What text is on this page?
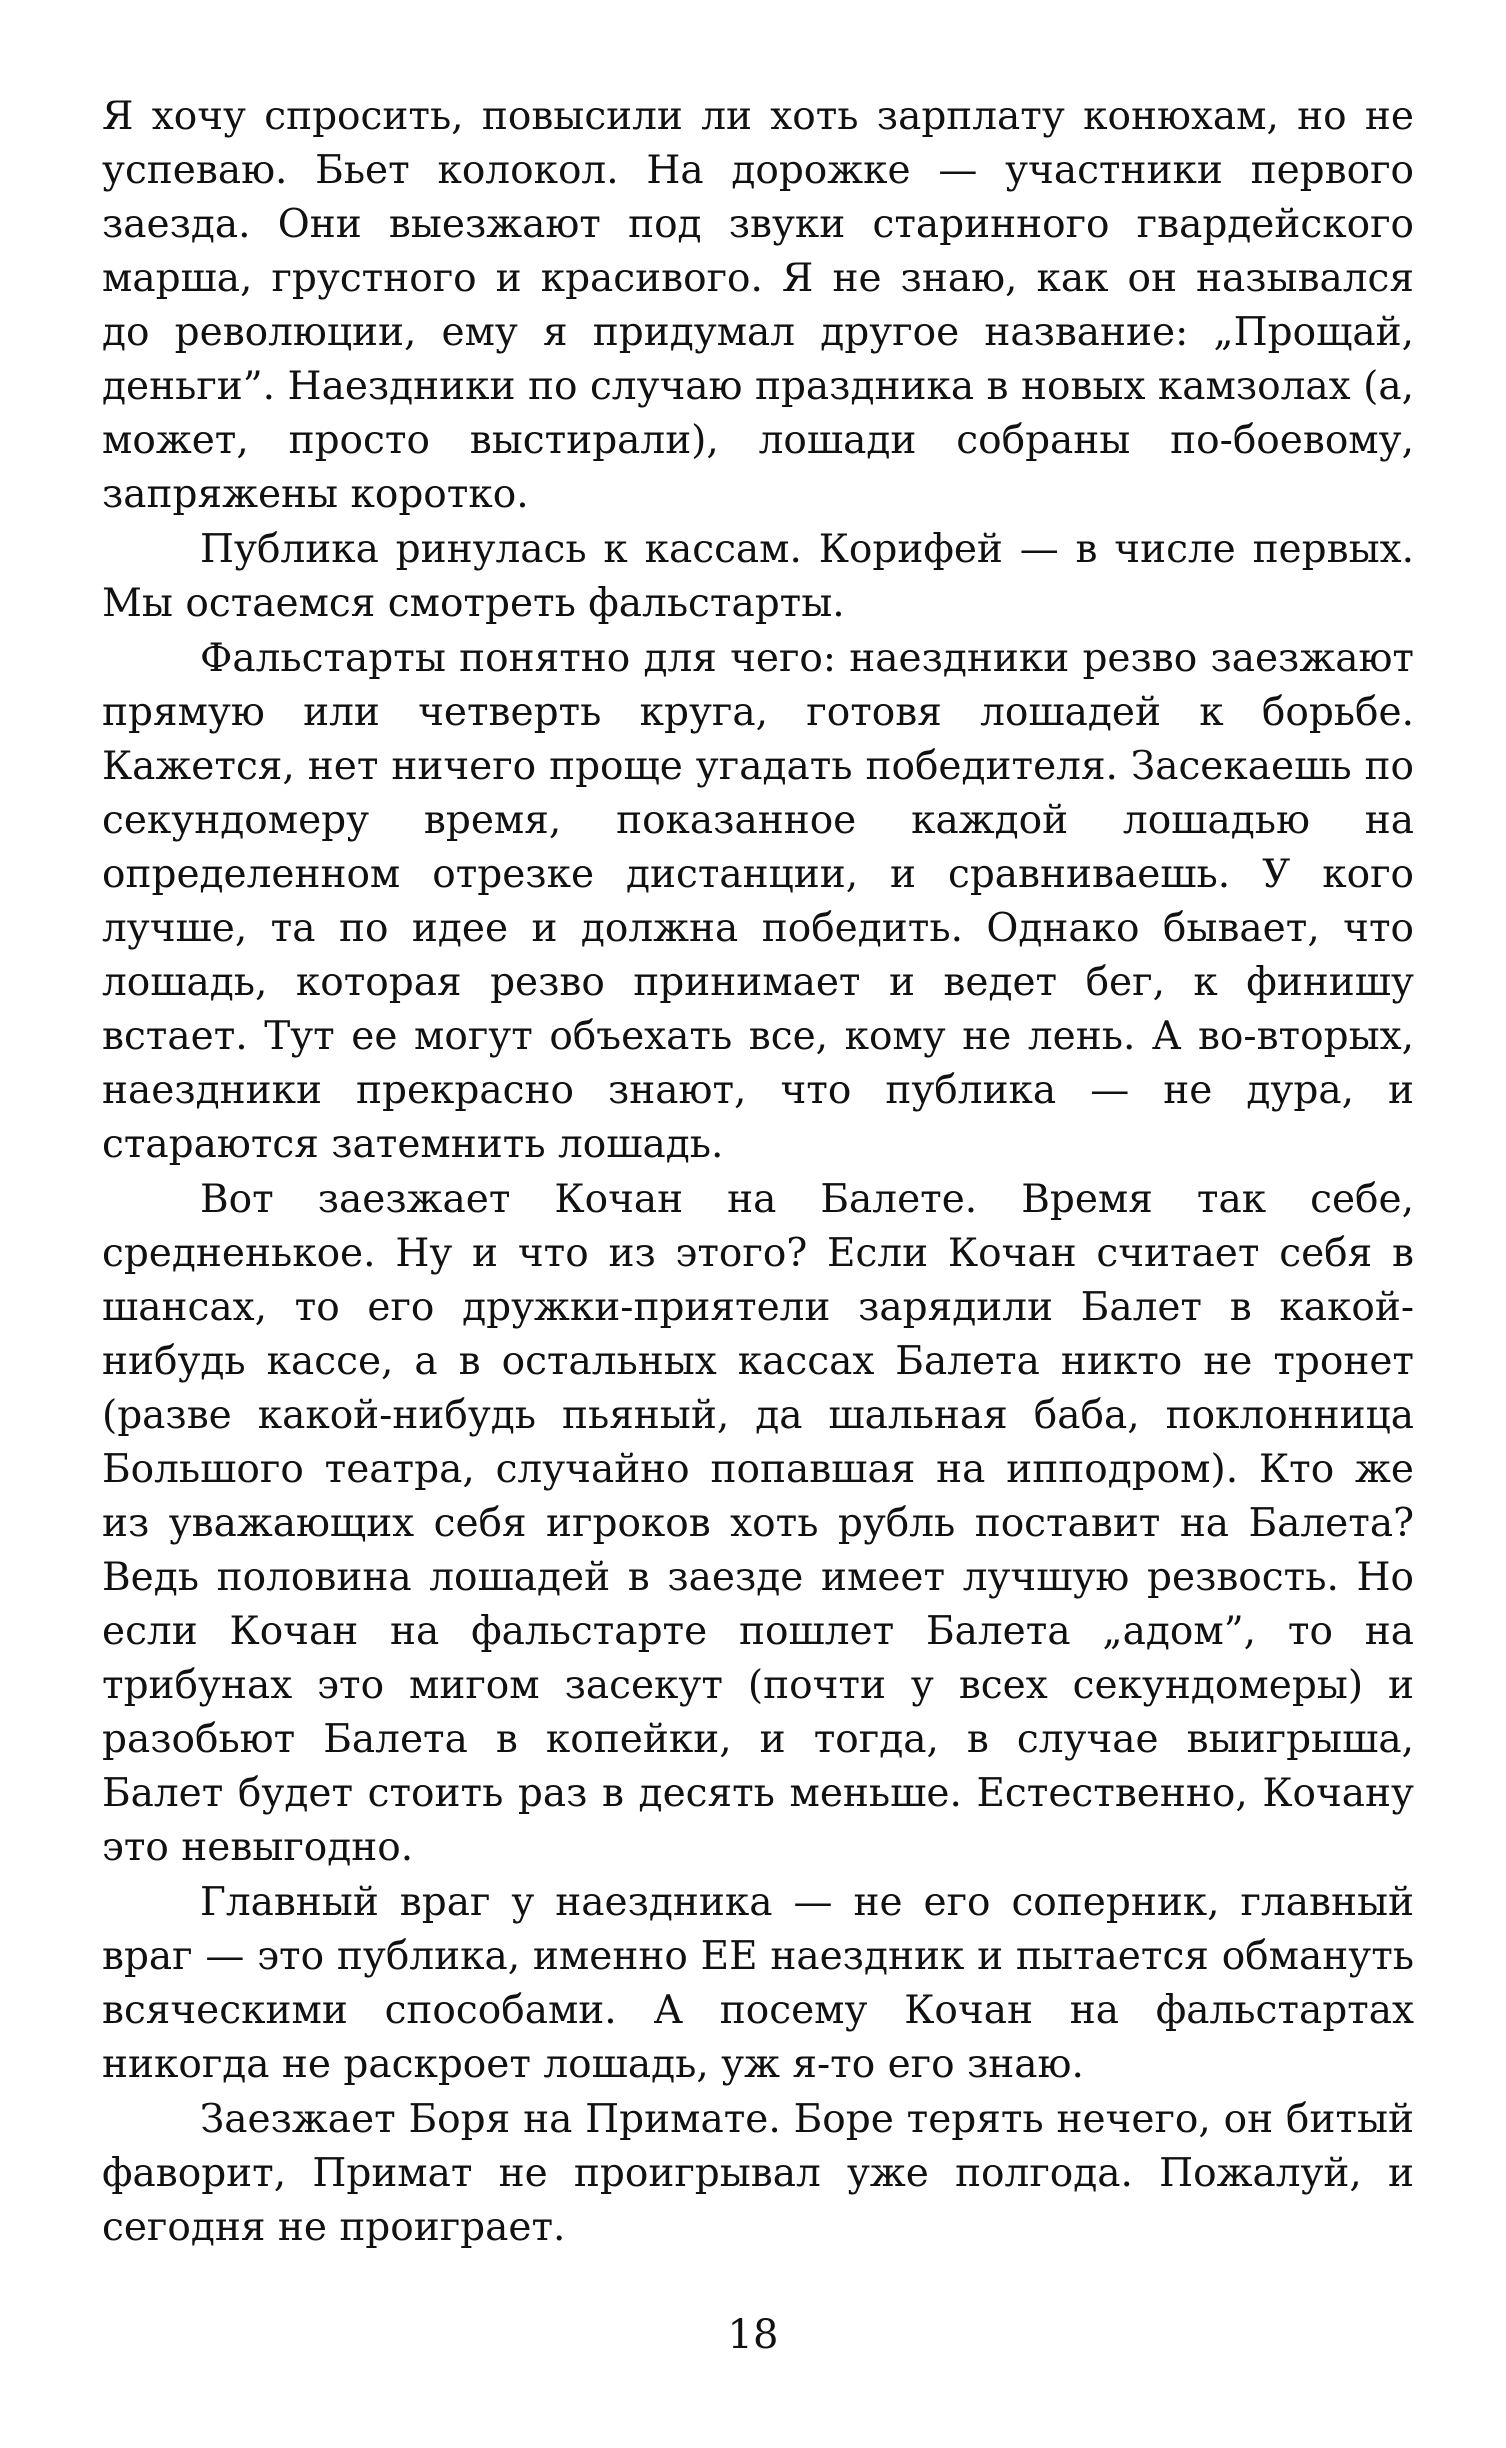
Я хочу спросить, повысили ли хоть зарплату конюхам, но не успеваю. Бьет колокол. На дорожке — участники первого заезда. Они выезжают под звуки старинного гвардейского марша, грустного и красивого. Я не знаю, как он назывался до революции, ему я придумал другое название: „Прощай, деньги”. Наездники по случаю праздника в новых камзолах (а, может, просто выстирали), лошади собраны по-боевому, запряжены коротко.

Публика ринулась к кассам. Корифей — в числе первых. Мы остаемся смотреть фальстарты.

Фальстарты понятно для чего: наездники резво заезжают прямую или четверть круга, готовя лошадей к борьбе. Кажется, нет ничего проще угадать победителя. Засекаешь по секундомеру время, показанное каждой лошадью на определенном отрезке дистанции, и сравниваешь. У кого лучше, та по идее и должна победить. Однако бывает, что лошадь, которая резво принимает и ведет бег, к финишу встает. Тут ее могут объехать все, кому не лень. А во-вторых, наездники прекрасно знают, что публика — не дура, и стараются затемнить лошадь.

Вот заезжает Кочан на Балете. Время так себе, средненькое. Ну и что из этого? Если Кочан считает себя в шансах, то его дружки-приятели зарядили Балет в какой-нибудь кассе, а в остальных кассах Балета никто не тронет (разве какой-нибудь пьяный, да шальная баба, поклонница Большого театра, случайно попавшая на ипподром). Кто же из уважающих себя игроков хоть рубль поставит на Балета? Ведь половина лошадей в заезде имеет лучшую резвость. Но если Кочан на фальстарте пошлет Балета „адом”, то на трибунах это мигом засекут (почти у всех секундомеры) и разобьют Балета в копейки, и тогда, в случае выигрыша, Балет будет стоить раз в десять меньше. Естественно, Кочану это невыгодно.

Главный враг у наездника — не его соперник, главный враг — это публика, именно ЕЕ наездник и пытается обмануть всяческими способами. А посему Кочан на фальстартах никогда не раскроет лошадь, уж я-то его знаю.

Заезжает Боря на Примате. Боре терять нечего, он битый фаворит, Примат не проигрывал уже полгода. Пожалуй, и сегодня не проиграет.

18
